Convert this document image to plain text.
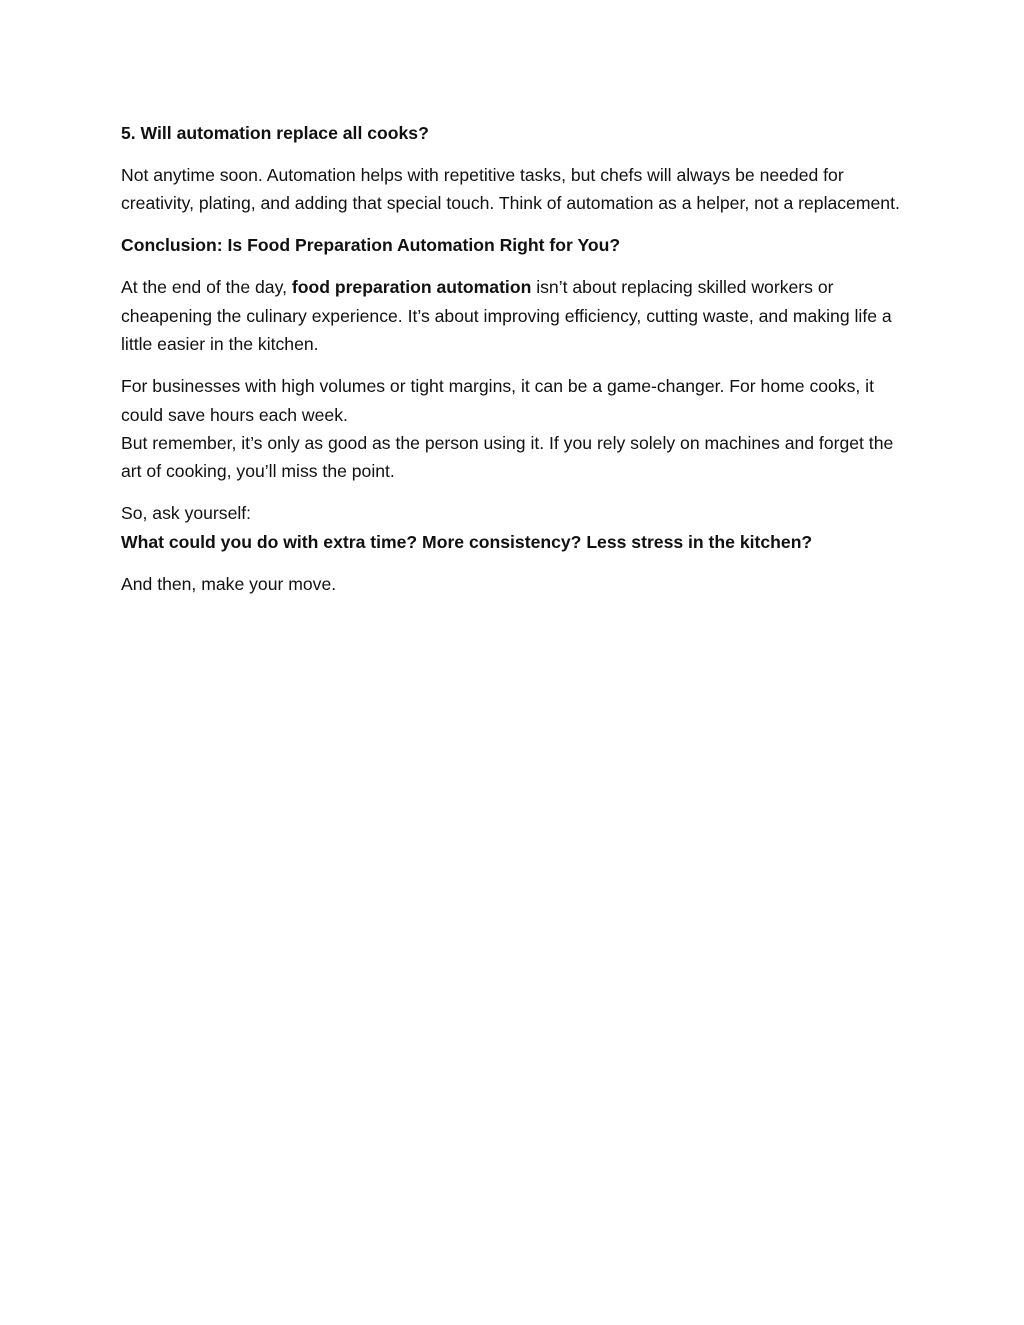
5. Will automation replace all cooks?

Not anytime soon. Automation helps with repetitive tasks, but chefs will always be needed for creativity, plating, and adding that special touch. Think of automation as a helper, not a replacement.

Conclusion: Is Food Preparation Automation Right for You?

At the end of the day, food preparation automation isn’t about replacing skilled workers or cheapening the culinary experience. It’s about improving efficiency, cutting waste, and making life a little easier in the kitchen.

For businesses with high volumes or tight margins, it can be a game-changer. For home cooks, it could save hours each week.
But remember, it’s only as good as the person using it. If you rely solely on machines and forget the art of cooking, you’ll miss the point.

So, ask yourself:
What could you do with extra time? More consistency? Less stress in the kitchen?

And then, make your move.
